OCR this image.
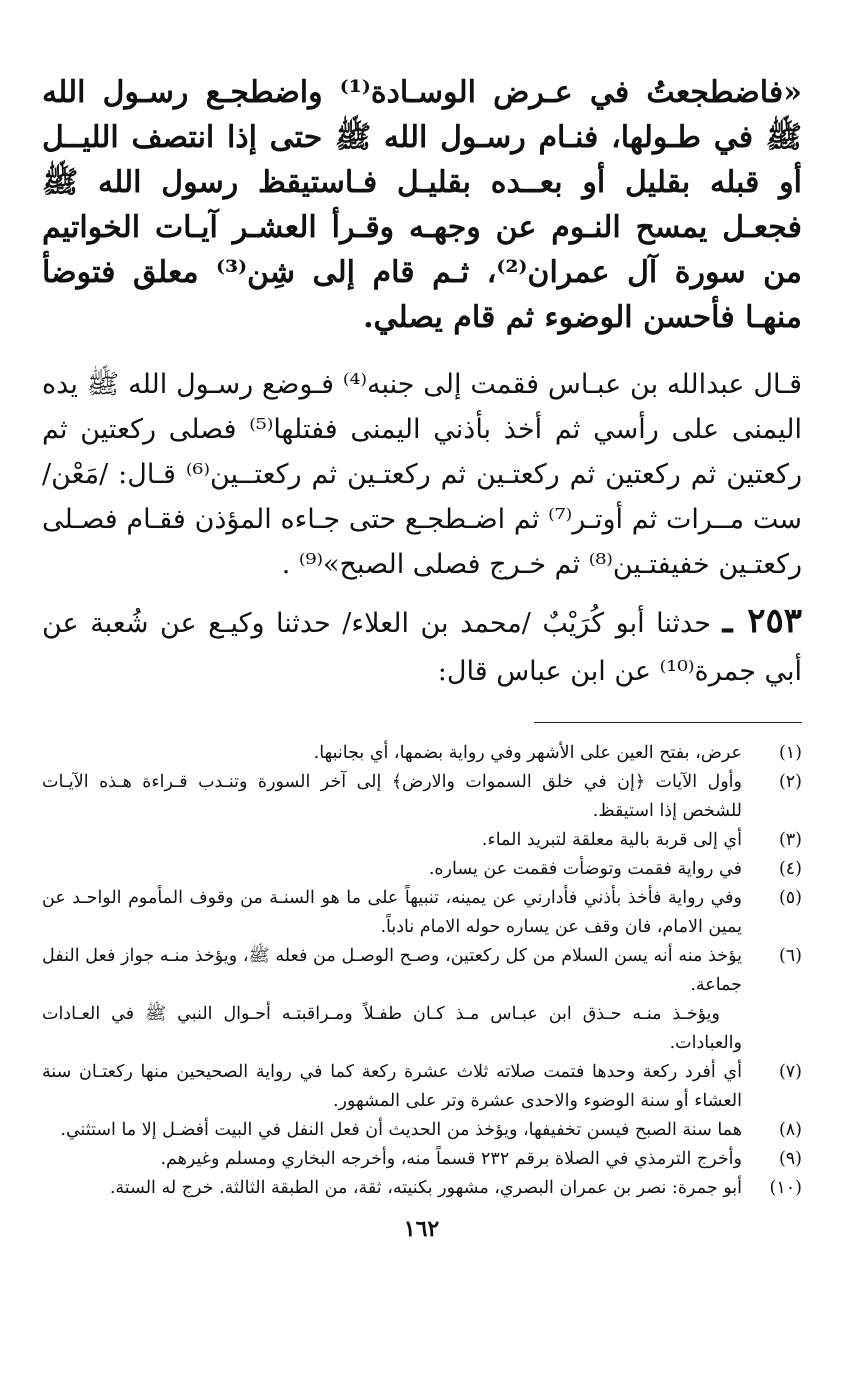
«فاضطجعتُ في عـرض الوسـادة⁽¹⁾ واضطجـع رسـول الله ﷺ في طـولها، فنـام رسـول الله ﷺ حتى إذا انتصف الليــل أو قبله بقليل أو بعــده بقليـل فـاستيقظ رسول الله ﷺ فجعـل يمسح النـوم عن وجهـه وقـرأ العشـر آيـات الخواتيم من سورة آل عمران⁽²⁾، ثـم قام إلى شِن⁽³⁾ معلق فتوضأ منهـا فأحسن الوضوء ثم قام يصلي.

قـال عبدالله بن عبـاس فقمت إلى جنبه⁽⁴⁾ فـوضع رسـول الله ﷺ يده اليمنى على رأسي ثم أخذ بأذني اليمنى ففتلها⁽⁵⁾ فصلى ركعتين ثم ركعتين ثم ركعتين ثم ركعتـين ثم ركعتـين ثم ركعتــين⁽⁶⁾ قـال: /مَعْن/ ست مــرات ثم أوتـر⁽⁷⁾ ثم اضـطجـع حتى جـاءه المؤذن فقـام فصـلى ركعتـين خفيفتـين⁽⁸⁾ ثم خـرج فصلى الصبح»⁽⁹⁾ .

٢٥٣ ـ حدثنا أبو كُرَيْبٌ /محمد بن العلاء/ حدثنا وكيـع عن شُعبة عن أبي جمرة⁽¹⁰⁾ عن ابن عباس قال:

(١)
عرض، بفتح العين على الأشهر وفي رواية بضمها، أي بجانبها.
(٢)
وأول الآيات ﴿إن في خلق السموات والارض﴾ إلى آخر السورة وتنـدب قـراءة هـذه الآيـات للشخص إذا استيقظ.
(٣)
أي إلى قربة بالية معلقة لتبريد الماء.
(٤)
في رواية فقمت وتوضأت فقمت عن يساره.
(٥)
وفي رواية فأخذ بأذني فأدارني عن يمينه، تنبيهاً على ما هو السنـة من وقوف المأموم الواحـد عن يمين الامام، فان وقف عن يساره حوله الامام نادباً.
(٦)
يؤخذ منه أنه يسن السلام من كل ركعتين، وصـح الوصـل من فعله ﷺ، ويؤخذ منـه جواز فعل النفل جماعة.
ويؤخـذ منـه حـذق ابن عبـاس مـذ كـان طفـلاً ومـراقبتـه أحـوال النبي ﷺ في العـادات والعبادات.
(٧)
أي أفرد ركعة وحدها فتمت صلاته ثلاث عشرة ركعة كما في رواية الصحيحين منها ركعتـان سنة العشاء أو سنة الوضوء والاحدى عشرة وتر على المشهور.
(٨)
هما سنة الصبح فيسن تخفيفها، ويؤخذ من الحديث أن فعل النفل في البيت أفضـل إلا ما استثني.
(٩)
وأخرج الترمذي في الصلاة برقم ٢٣٢ قسماً منه، وأخرجه البخاري ومسلم وغيرهم.
(١٠)
أبو جمرة: نصر بن عمران البصري، مشهور بكنيته، ثقة، من الطبقة الثالثة. خرج له الستة.
١٦٢
